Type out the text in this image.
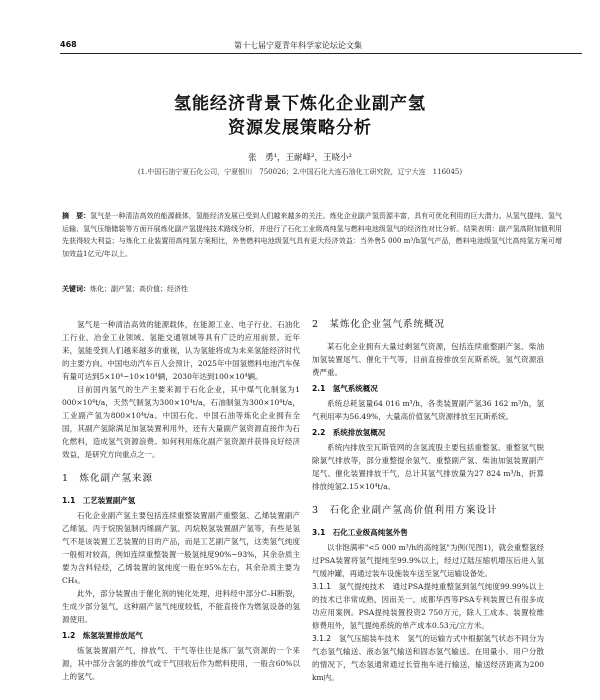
468	第十七届宁夏青年科学家论坛论文集
氢能经济背景下炼化企业副产氢
资源发展策略分析
张　勇¹，王耐峰²，王晓小²
(1.中国石油宁夏石化公司，宁夏银川　750026；2.中国石化大连石油化工研究院，辽宁大连　116045)
摘　要：氢气是一种清洁高效的能源载体，氢能经济发展已受到人们越来越多的关注。炼化企业副产氢资源丰富，具有可优化利用的巨大潜力。从氢气提纯、氢气运输、氢气压缩储装等方面开展炼化副产氢提纯技术路线分析，并进行了石化工业级高纯氢与燃料电池级氢气的经济性对比分析。结果表明：副产氢高附加值利用先获得较大利益；与炼化工业装置用高纯氢方案相比，外售燃料电池级氢气具有更大经济效益：当外售5 000 m³/h氢气产品，燃料电池级氢气比高纯氢方案可增加效益1亿元/年以上。
关键词：炼化；副产氢；高价值；经济性

氢气是一种清洁高效的能源载体，在能源工业、电子行业、石油化工行业、冶金工业领域、氢能交通领域等具有广泛的应用前景。近年来，氢能受到人们越来越多的重视，认为氢能将成为未来氢能经济时代的主要方向。中国电动汽车百人会预计，2025年中国氢燃料电池汽车保有量可达到5×10⁴~10×10⁴辆，2030年达到100×10⁴辆。

目前国内氢气的生产主要来源于石化企业，其中煤气化制氢为1 000×10⁴t/a，天然气制氢为300×10⁴t/a，石油制氢为300×10⁴t/a，工业副产氢为800×10⁴t/a。中国石化、中国石油等炼化企业拥有全国，其副产氢除满足加氢装置利用外，还有大量副产氢资源直接作为石化燃料，造成氢气资源浪费。如何利用炼化副产氢资源并获得良好经济效益，是研究方向重点之一。

1　炼化副产氢来源
1.1　工艺装置副产氢

石化企业副产氢主要包括连续重整装置副产重整氢、乙烯装置副产乙烯氢、丙于烷脱氢制丙烯副产氢、丙烷脱氢装置副产氢等，有些是氢气不是该装置工艺装置的目的产品，而是工艺副产氢气，这类氢气纯度一般相对较高，例如连续重整装置一般氢纯度90%~93%，其余杂质主要为含料轻烃，乙烯装置的氢纯度一般在95%左右，其余杂质主要为CH₄。

此外，部分装置由于催化剂的钝化处理，进料经中部分C–H断裂，生成少部分氢气，这种副产氢气纯度较低，不能直接作为燃氢设备的氢源使用。

1.2　炼氢装置排放尾气

炼氢装置副产气，排放气、干气等往往是炼厂氢气资源的一个来源，其中部分含氢的排放气或干气回收后作为燃料使用，一般含60%以上的氢气。

2　某炼化企业氢气系统概况

某石化企业拥有大量过剩氢气资源，包括连续重整副产氢、柴油加氢装置尾气、催化干气等，目前直接排放至瓦斯系统，氢气资源浪费严重。

2.1　氢气系统概况

系统总耗氢量64 016 m³/h，各类装置副产氢36 162 m³/h，氢气利用率为56.49%，大量高价值氢气资源排放至瓦斯系统。

2.2　系统排放氢概况

系统内排放至瓦斯管网的含氢流股主要包括重整氢、重整氢气脱除氯气排放等，部分重整提余氢气、重整副产氢、柴油加氢装置副产尾气、催化装置排放干气，总计其氢气排放量为27 824 m³/h，折算排放纯氢2.15×10⁴t/a。

3　石化企业副产氢高价值利用方案设计
3.1　石化工业级高纯氢外售

以非饱满率"<5 000 m³/h的高纯氢"为例(见图1)，就会重整氢经过PSA装置将氢气提纯至99.9%以上，经过辽陆压缩机增压后进入氢气缓冲罐，再通过装车设施装车送至氢气运输设备处。

3.1.1　 氢气提纯技术　通过PSA提纯重整氢到氢气纯度99.99%以上的技术已非常成熟，因而关一、成都华西等PSA专利装置已有很多成功应用案例。PSA提纯装置投资2 750万元，除人工成本、装置检维修费用外，氢气提纯系统的单产成本0.53元/立方米。

3.1.2　 氢气压缩装车技术　氢气的运输方式中根据氢气状态不同分为气态氢气输送、液态氢气输送和固态氢气输送。在用量小、用户分散的情况下，气态氢通常通过长管拖车进行输送，输送经济距离为200 km内。
